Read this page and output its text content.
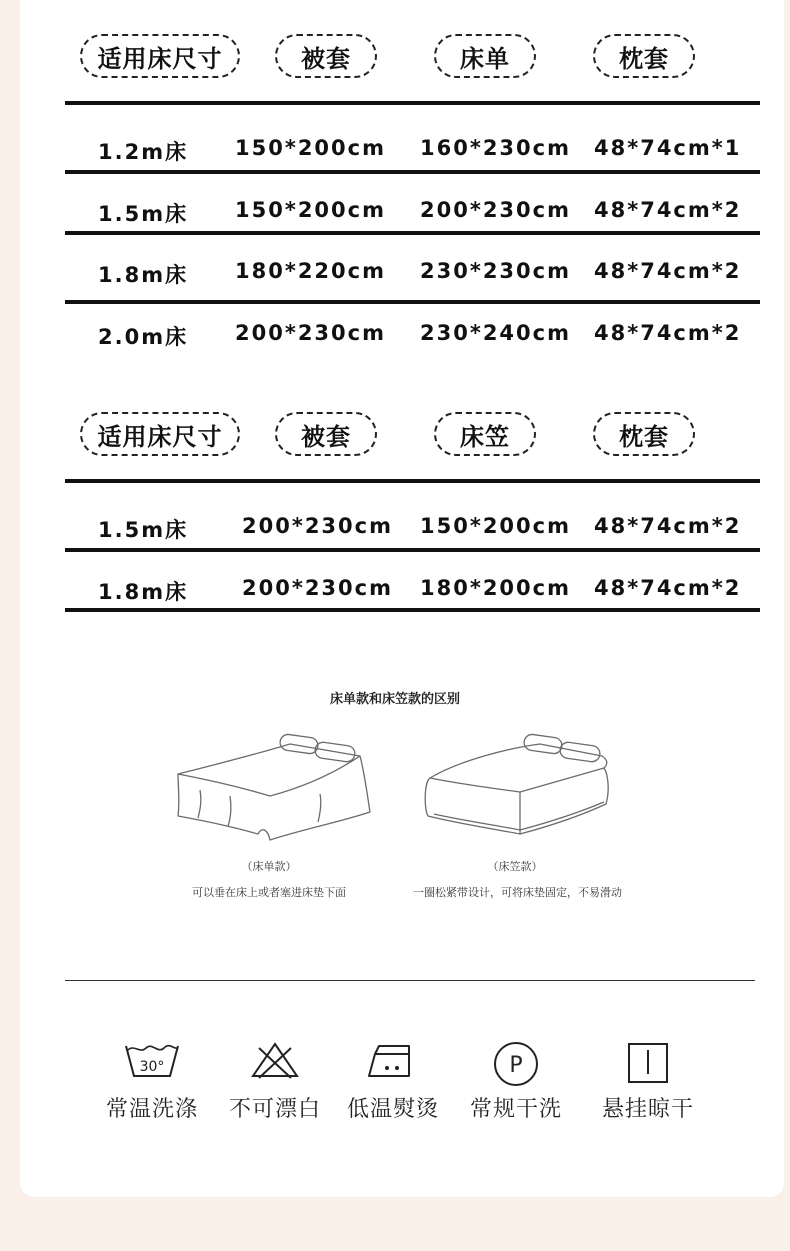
适用床尺寸	被套	床单	枕套
1.2m床 150*200cm 160*230cm 48*74cm*1
1.5m床 150*200cm 200*230cm 48*74cm*2
1.8m床 180*220cm 230*230cm 48*74cm*2
2.0m床 200*230cm 230*240cm 48*74cm*2
适用床尺寸	被套	床笠	枕套
1.5m床	200*230cm 150*200cm 48*74cm*2
1.8m床	200*230cm 180*200cm 48*74cm*2
床单款和床笠款的区别
（床单款）
可以垂在床上或者塞进床垫下面
（床笠款）
一圈松紧带设计，可将床垫固定，不易滑动
30°
常温洗涤	不可漂白	低温熨烫
P
常规干洗	悬挂晾干
